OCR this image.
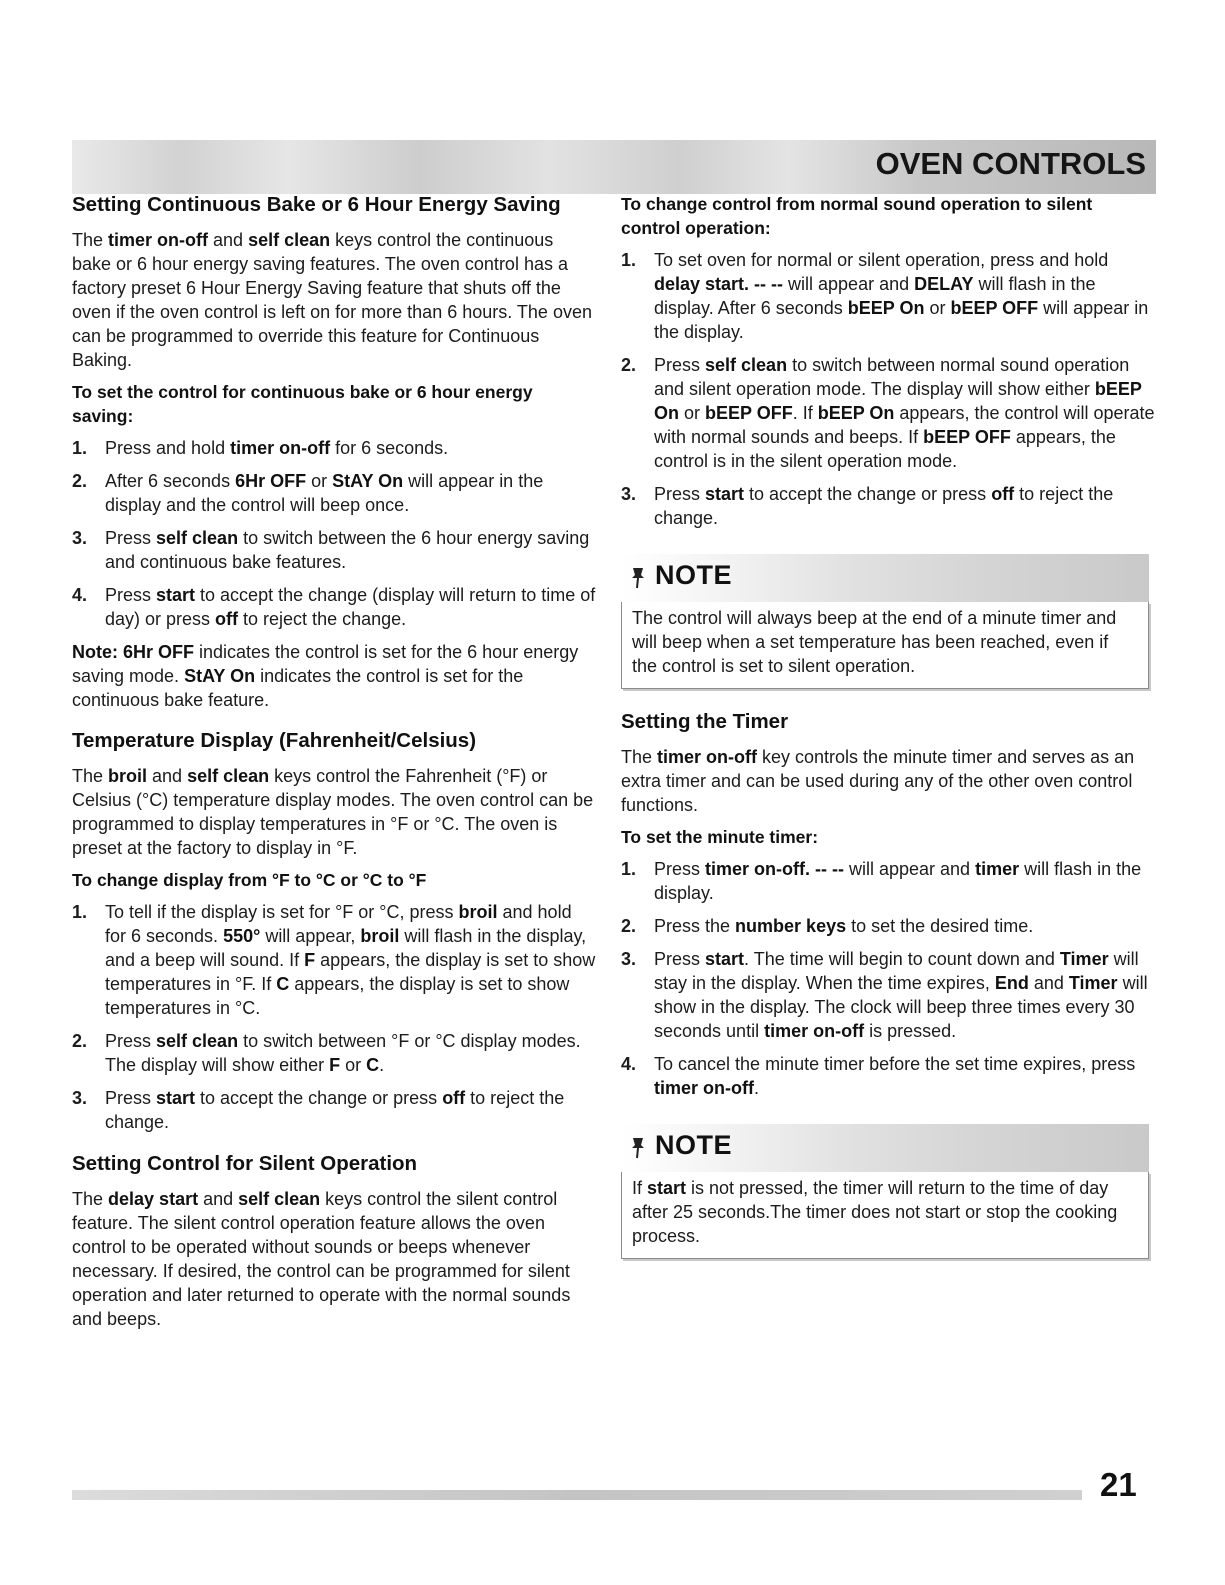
OVEN CONTROLS
Setting Continuous Bake or 6 Hour Energy Saving

The timer on-off and self clean keys control the continuous bake or 6 hour energy saving features. The oven control has a factory preset 6 Hour Energy Saving feature that shuts off the oven if the oven control is left on for more than 6 hours. The oven can be programmed to override this feature for Continuous Baking.

To set the control for continuous bake or 6 hour energy saving:
1. Press and hold timer on-off for 6 seconds.
2. After 6 seconds 6Hr OFF or StAY On will appear in the display and the control will beep once.
3. Press self clean to switch between the 6 hour energy saving and continuous bake features.
4. Press start to accept the change (display will return to time of day) or press off to reject the change.

Note: 6Hr OFF indicates the control is set for the 6 hour energy saving mode. StAY On indicates the control is set for the continuous bake feature.

Temperature Display (Fahrenheit/Celsius)

The broil and self clean keys control the Fahrenheit (°F) or Celsius (°C) temperature display modes. The oven control can be programmed to display temperatures in °F or °C. The oven is preset at the factory to display in °F.

To change display from °F to °C or °C to °F
1. To tell if the display is set for °F or °C, press broil and hold for 6 seconds. 550° will appear, broil will flash in the display, and a beep will sound. If F appears, the display is set to show temperatures in °F. If C appears, the display is set to show temperatures in °C.
2. Press self clean to switch between °F or °C display modes. The display will show either F or C.
3. Press start to accept the change or press off to reject the change.
Setting Control for Silent Operation

The delay start and self clean keys control the silent control feature. The silent control operation feature allows the oven control to be operated without sounds or beeps whenever necessary. If desired, the control can be programmed for silent operation and later returned to operate with the normal sounds and beeps.

To change control from normal sound operation to silent control operation:
1. To set oven for normal or silent operation, press and hold delay start. -- -- will appear and DELAY will flash in the display. After 6 seconds bEEP On or bEEP OFF will appear in the display.
2. Press self clean to switch between normal sound operation and silent operation mode. The display will show either bEEP On or bEEP OFF. If bEEP On appears, the control will operate with normal sounds and beeps. If bEEP OFF appears, the control is in the silent operation mode.
3. Press start to accept the change or press off to reject the change.
NOTE
The control will always beep at the end of a minute timer and will beep when a set temperature has been reached, even if the control is set to silent operation.
Setting the Timer

The timer on-off key controls the minute timer and serves as an extra timer and can be used during any of the other oven control functions.

To set the minute timer:
1. Press timer on-off. -- -- will appear and timer will flash in the display.
2. Press the number keys to set the desired time.
3. Press start. The time will begin to count down and Timer will stay in the display. When the time expires, End and Timer will show in the display. The clock will beep three times every 30 seconds until timer on-off is pressed.
4. To cancel the minute timer before the set time expires, press timer on-off.
NOTE
If start is not pressed, the timer will return to the time of day after 25 seconds.The timer does not start or stop the cooking process.
21
